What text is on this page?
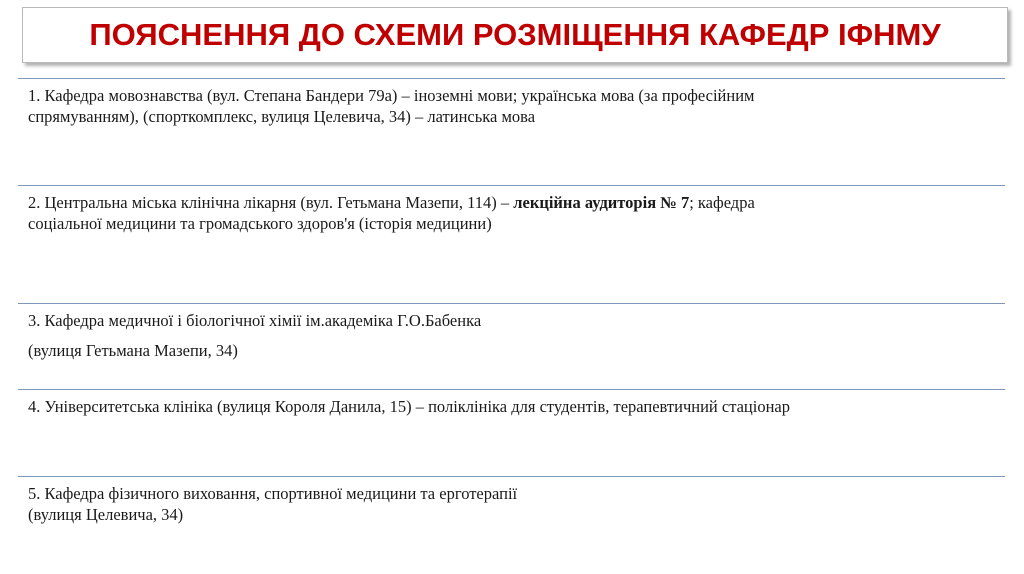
ПОЯСНЕННЯ ДО СХЕМИ РОЗМІЩЕННЯ КАФЕДР ІФНМУ

1. Кафедра мовознавства (вул. Степана Бандери 79а) – іноземні мови; українська мова (за професійним
спрямуванням), (спорткомплекс, вулиця Целевича, 34) – латинська мова

2. Центральна міська клінічна лікарня (вул. Гетьмана Мазепи, 114) – лекційна аудиторія № 7; кафедра
соціальної медицини та громадського здоров'я (історія медицини)

3. Кафедра медичної і біологічної хімії ім.академіка Г.О.Бабенка

(вулиця Гетьмана Мазепи, 34)

4. Університетська клініка (вулиця Короля Данила, 15) – поліклініка для студентів, терапевтичний стаціонар

5. Кафедра фізичного виховання, спортивної медицини та ерготерапії
(вулиця Целевича, 34)
